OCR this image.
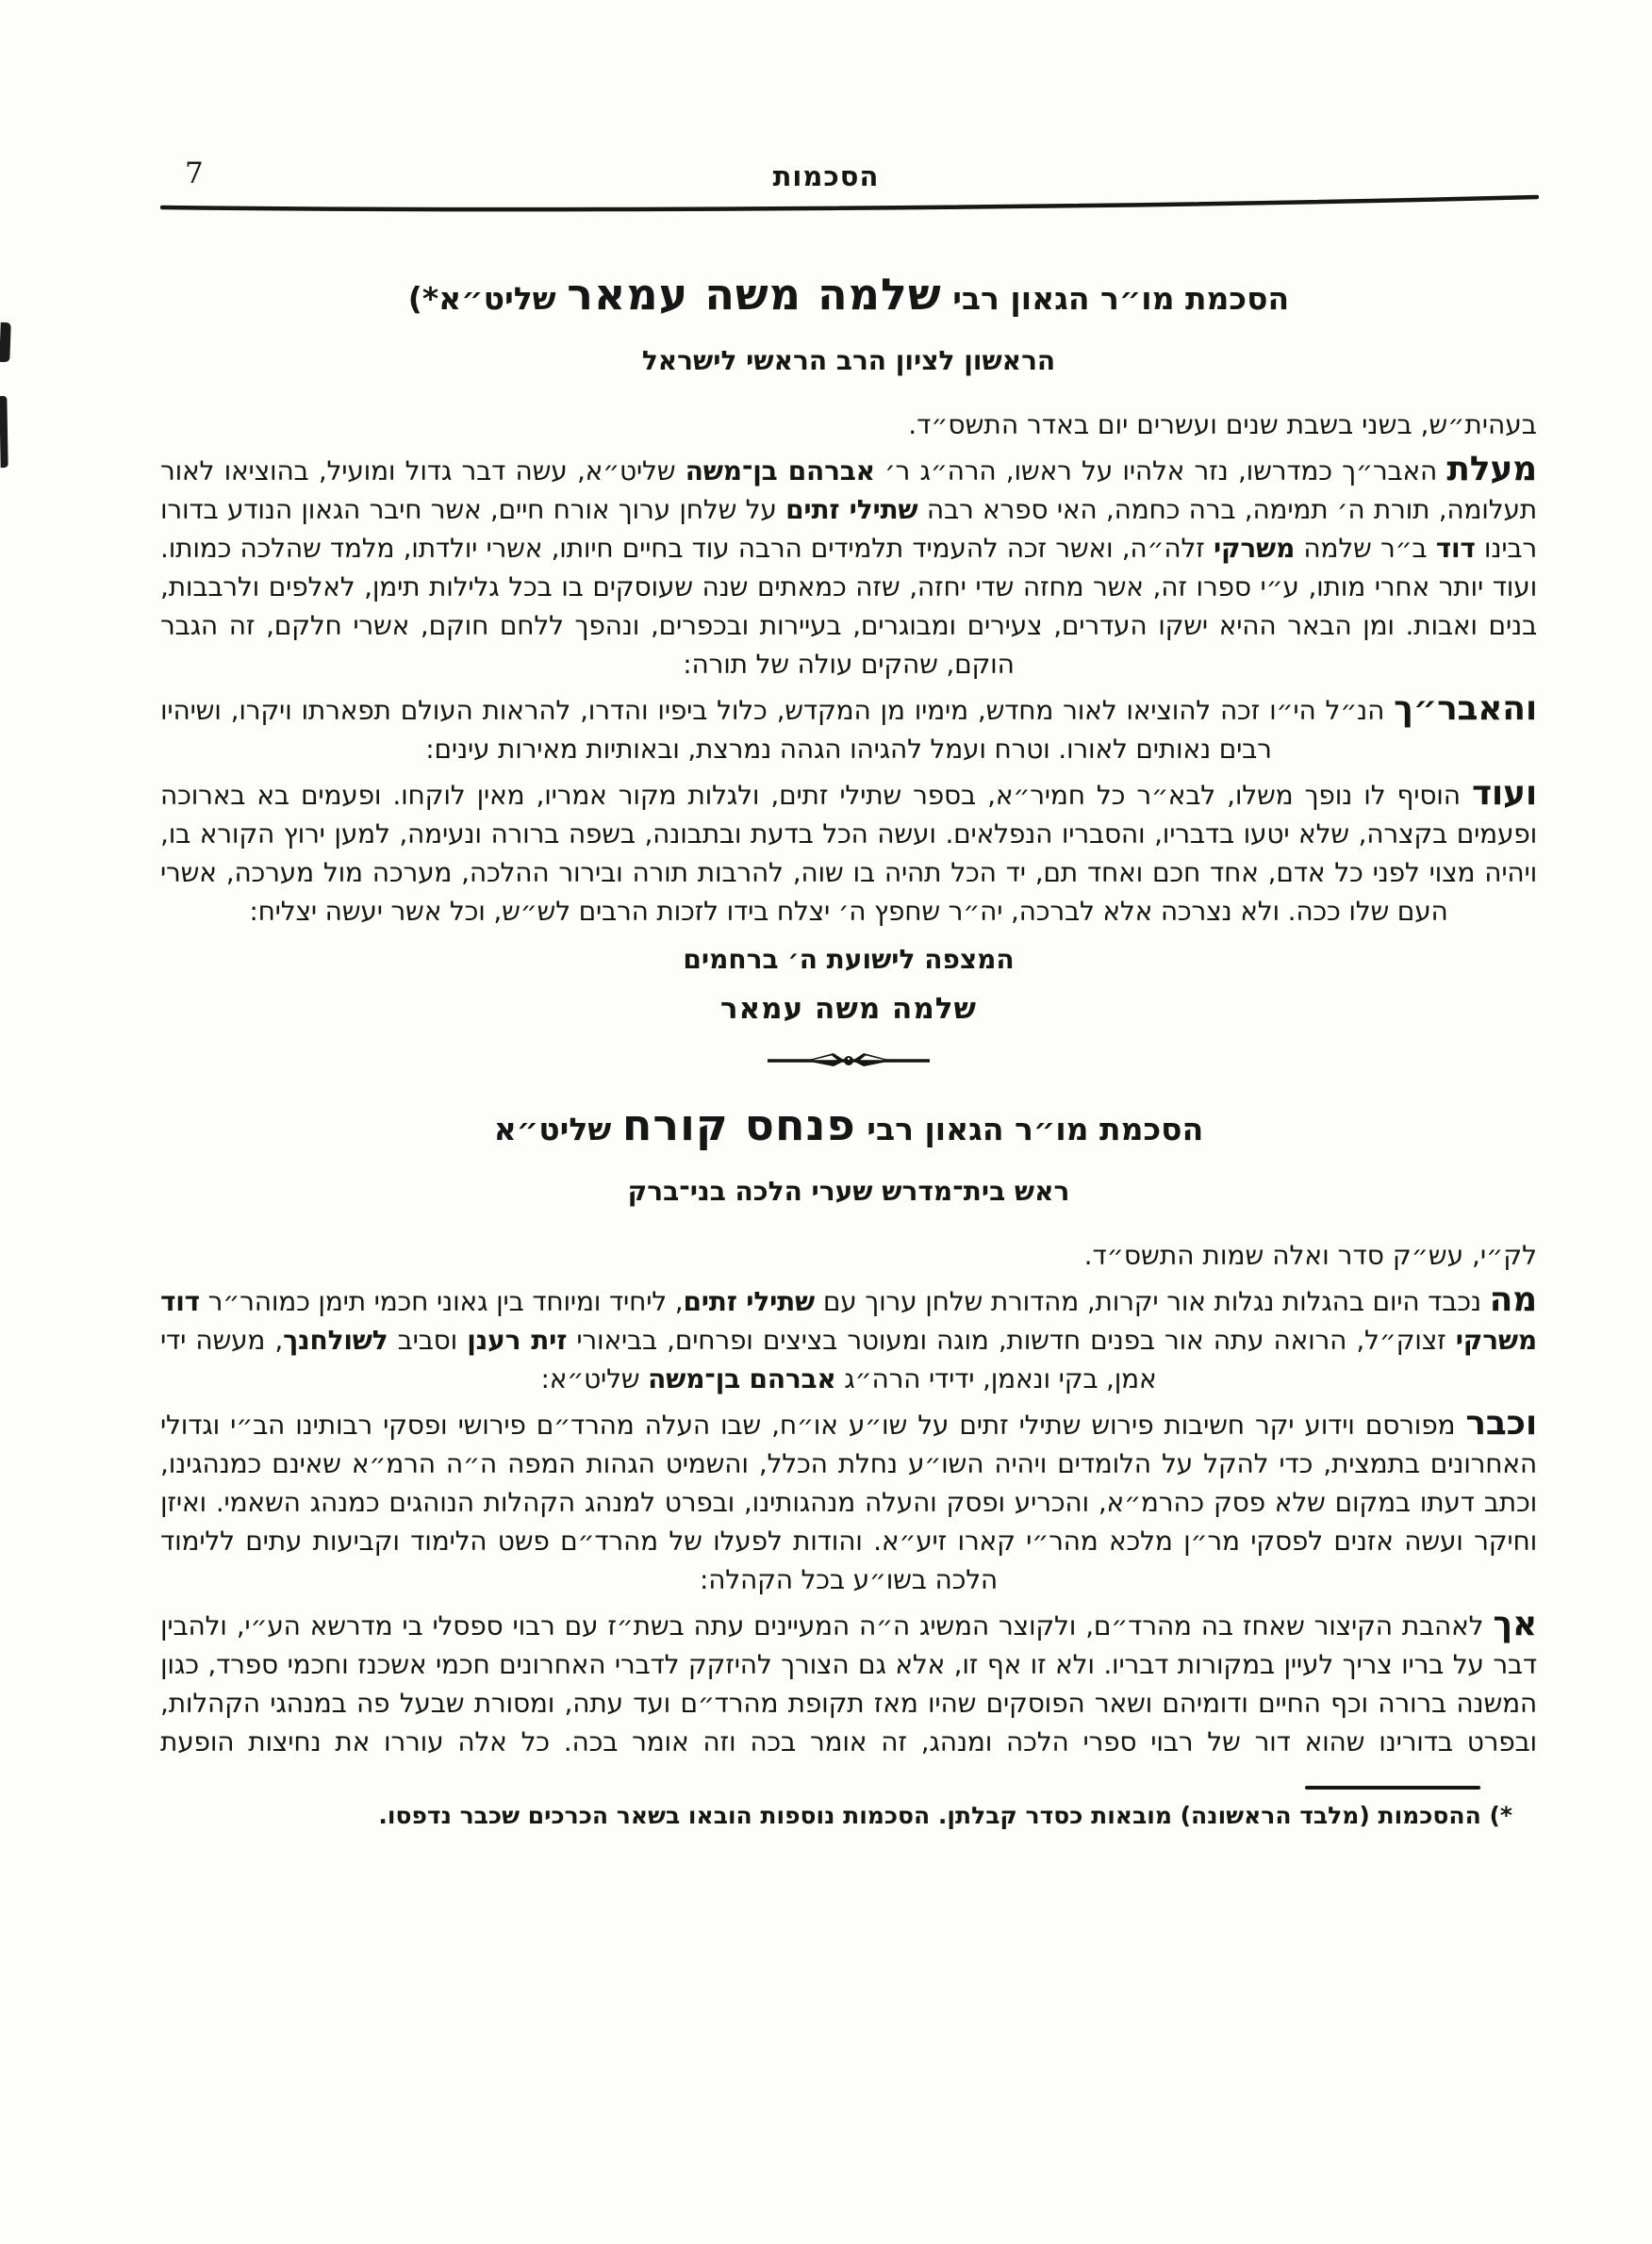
7	הסכמות
הסכמת מו״ר הגאון רבי שלמה משה עמאר שליט״א*)
הראשון לציון הרב הראשי לישראל
בעהית״ש, בשני בשבת שנים ועשרים יום באדר התשס״ד.

מעלת האבר״ך כמדרשו, נזר אלהיו על ראשו, הרה״ג ר׳ אברהם בן־משה שליט״א, עשה דבר גדול ומועיל, בהוציאו לאור תעלומה, תורת ה׳ תמימה, ברה כחמה, האי ספרא רבה שתילי זתים על שלחן ערוך אורח חיים, אשר חיבר הגאון הנודע בדורו רבינו דוד ב״ר שלמה משרקי זלה״ה, ואשר זכה להעמיד תלמידים הרבה עוד בחיים חיותו, אשרי יולדתו, מלמד שהלכה כמותו. ועוד יותר אחרי מותו, ע״י ספרו זה, אשר מחזה שדי יחזה, שזה כמאתים שנה שעוסקים בו בכל גלילות תימן, לאלפים ולרבבות, בנים ואבות. ומן הבאר ההיא ישקו העדרים, צעירים ומבוגרים, בעיירות ובכפרים, ונהפך ללחם חוקם, אשרי חלקם, זה הגבר הוקם, שהקים עולה של תורה:

והאבר״ך הנ״ל הי״ו זכה להוציאו לאור מחדש, מימיו מן המקדש, כלול ביפיו והדרו, להראות העולם תפארתו ויקרו, ושיהיו רבים נאותים לאורו. וטרח ועמל להגיהו הגהה נמרצת, ובאותיות מאירות עינים:

ועוד הוסיף לו נופך משלו, לבא״ר כל חמיר״א, בספר שתילי זתים, ולגלות מקור אמריו, מאין לוקחו. ופעמים בא בארוכה ופעמים בקצרה, שלא יטעו בדבריו, והסבריו הנפלאים. ועשה הכל בדעת ובתבונה, בשפה ברורה ונעימה, למען ירוץ הקורא בו, ויהיה מצוי לפני כל אדם, אחד חכם ואחד תם, יד הכל תהיה בו שוה, להרבות תורה ובירור ההלכה, מערכה מול מערכה, אשרי העם שלו ככה. ולא נצרכה אלא לברכה, יה״ר שחפץ ה׳ יצלח בידו לזכות הרבים לש״ש, וכל אשר יעשה יצליח:

המצפה לישועת ה׳ ברחמים
שלמה משה עמאר
הסכמת מו״ר הגאון רבי פנחס קורח שליט״א
ראש בית־מדרש שערי הלכה בני־ברק
לק״י, עש״ק סדר ואלה שמות התשס״ד.

מה נכבד היום בהגלות נגלות אור יקרות, מהדורת שלחן ערוך עם שתילי זתים, ליחיד ומיוחד בין גאוני חכמי תימן כמוהר״ר דוד משרקי זצוק״ל, הרואה עתה אור בפנים חדשות, מוגה ומעוטר בציצים ופרחים, בביאורי זית רענן וסביב לשולחנך, מעשה ידי אמן, בקי ונאמן, ידידי הרה״ג אברהם בן־משה שליט״א:

וכבר מפורסם וידוע יקר חשיבות פירוש שתילי זתים על שו״ע או״ח, שבו העלה מהרד״ם פירושי ופסקי רבותינו הב״י וגדולי האחרונים בתמצית, כדי להקל על הלומדים ויהיה השו״ע נחלת הכלל, והשמיט הגהות המפה ה״ה הרמ״א שאינם כמנהגינו, וכתב דעתו במקום שלא פסק כהרמ״א, והכריע ופסק והעלה מנהגותינו, ובפרט למנהג הקהלות הנוהגים כמנהג השאמי. ואיזן וחיקר ועשה אזנים לפסקי מר״ן מלכא מהר״י קארו זיע״א. והודות לפעלו של מהרד״ם פשט הלימוד וקביעות עתים ללימוד הלכה בשו״ע בכל הקהלה:

אך לאהבת הקיצור שאחז בה מהרד״ם, ולקוצר המשיג ה״ה המעיינים עתה בשת״ז עם רבוי ספסלי בי מדרשא הע״י, ולהבין דבר על בריו צריך לעיין במקורות דבריו. ולא זו אף זו, אלא גם הצורך להיזקק לדברי האחרונים חכמי אשכנז וחכמי ספרד, כגון המשנה ברורה וכף החיים ודומיהם ושאר הפוסקים שהיו מאז תקופת מהרד״ם ועד עתה, ומסורת שבעל פה במנהגי הקהלות, ובפרט בדורינו שהוא דור של רבוי ספרי הלכה ומנהג, זה אומר בכה וזה אומר בכה. כל אלה עוררו את נחיצות הופעת

*) ההסכמות (מלבד הראשונה) מובאות כסדר קבלתן. הסכמות נוספות הובאו בשאר הכרכים שכבר נדפסו.
